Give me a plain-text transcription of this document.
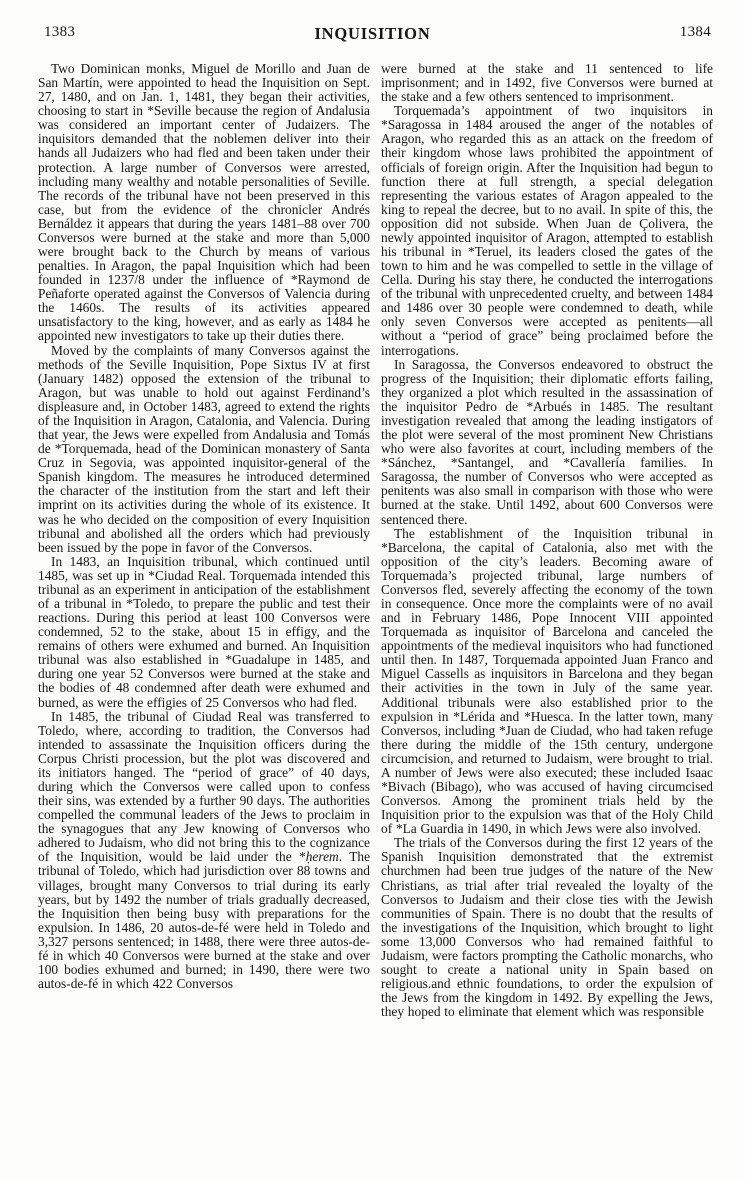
1383	1384
INQUISITION

Two Dominican monks, Miguel de Morillo and Juan de San Martín, were appointed to head the Inquisition on Sept. 27, 1480, and on Jan. 1, 1481, they began their activities, choosing to start in *Seville because the region of Andalusia was considered an important center of Judaizers. The inquisitors demanded that the noblemen deliver into their hands all Judaizers who had fled and been taken under their protection. A large number of Conversos were arrested, including many wealthy and notable personalities of Seville. The records of the tribunal have not been preserved in this case, but from the evidence of the chronicler Andrés Bernáldez it appears that during the years 1481–88 over 700 Conversos were burned at the stake and more than 5,000 were brought back to the Church by means of various penalties. In Aragon, the papal Inquisition which had been founded in 1237/8 under the influence of *Raymond de Peñaforte operated against the Conversos of Valencia during the 1460s. The results of its activities appeared unsatisfactory to the king, however, and as early as 1484 he appointed new investigators to take up their duties there.

Moved by the complaints of many Conversos against the methods of the Seville Inquisition, Pope Sixtus IV at first (January 1482) opposed the extension of the tribunal to Aragon, but was unable to hold out against Ferdinand’s displeasure and, in October 1483, agreed to extend the rights of the Inquisition in Aragon, Catalonia, and Valencia. During that year, the Jews were expelled from Andalusia and Tomás de *Torquemada, head of the Dominican monastery of Santa Cruz in Segovia, was appointed inquisitor-general of the Spanish kingdom. The measures he introduced determined the character of the institution from the start and left their imprint on its activities during the whole of its existence. It was he who decided on the composition of every Inquisition tribunal and abolished all the orders which had previously been issued by the pope in favor of the Conversos.

In 1483, an Inquisition tribunal, which continued until 1485, was set up in *Ciudad Real. Torquemada intended this tribunal as an experiment in anticipation of the establishment of a tribunal in *Toledo, to prepare the public and test their reactions. During this period at least 100 Conversos were condemned, 52 to the stake, about 15 in effigy, and the remains of others were exhumed and burned. An Inquisition tribunal was also established in *Guadalupe in 1485, and during one year 52 Conversos were burned at the stake and the bodies of 48 condemned after death were exhumed and burned, as were the effigies of 25 Conversos who had fled.

In 1485, the tribunal of Ciudad Real was transferred to Toledo, where, according to tradition, the Conversos had intended to assassinate the Inquisition officers during the Corpus Christi procession, but the plot was discovered and its initiators hanged. The “period of grace” of 40 days, during which the Conversos were called upon to confess their sins, was extended by a further 90 days. The authorities compelled the communal leaders of the Jews to proclaim in the synagogues that any Jew knowing of Conversos who adhered to Judaism, who did not bring this to the cognizance of the Inquisition, would be laid under the *ḥerem. The tribunal of Toledo, which had jurisdiction over 88 towns and villages, brought many Conversos to trial during its early years, but by 1492 the number of trials gradually decreased, the Inquisition then being busy with preparations for the expulsion. In 1486, 20 autos-de-fé were held in Toledo and 3,327 persons sentenced; in 1488, there were three autos-de-fé in which 40 Conversos were burned at the stake and over 100 bodies exhumed and burned; in 1490, there were two autos-de-fé in which 422 Conversos

were burned at the stake and 11 sentenced to life imprisonment; and in 1492, five Conversos were burned at the stake and a few others sentenced to imprisonment.

Torquemada’s appointment of two inquisitors in *Saragossa in 1484 aroused the anger of the notables of Aragon, who regarded this as an attack on the freedom of their kingdom whose laws prohibited the appointment of officials of foreign origin. After the Inquisition had begun to function there at full strength, a special delegation representing the various estates of Aragon appealed to the king to repeal the decree, but to no avail. In spite of this, the opposition did not subside. When Juan de Çolivera, the newly appointed inquisitor of Aragon, attempted to establish his tribunal in *Teruel, its leaders closed the gates of the town to him and he was compelled to settle in the village of Cella. During his stay there, he conducted the interrogations of the tribunal with unprecedented cruelty, and between 1484 and 1486 over 30 people were condemned to death, while only seven Conversos were accepted as penitents—all without a “period of grace” being proclaimed before the interrogations.

In Saragossa, the Conversos endeavored to obstruct the progress of the Inquisition; their diplomatic efforts failing, they organized a plot which resulted in the assassination of the inquisitor Pedro de *Arbués in 1485. The resultant investigation revealed that among the leading instigators of the plot were several of the most prominent New Christians who were also favorites at court, including members of the *Sánchez, *Santangel, and *Cavallería families. In Saragossa, the number of Conversos who were accepted as penitents was also small in comparison with those who were burned at the stake. Until 1492, about 600 Conversos were sentenced there.

The establishment of the Inquisition tribunal in *Barcelona, the capital of Catalonia, also met with the opposition of the city’s leaders. Becoming aware of Torquemada’s projected tribunal, large numbers of Conversos fled, severely affecting the economy of the town in consequence. Once more the complaints were of no avail and in February 1486, Pope Innocent VIII appointed Torquemada as inquisitor of Barcelona and canceled the appointments of the medieval inquisitors who had functioned until then. In 1487, Torquemada appointed Juan Franco and Miguel Cassells as inquisitors in Barcelona and they began their activities in the town in July of the same year. Additional tribunals were also established prior to the expulsion in *Lérida and *Huesca. In the latter town, many Conversos, including *Juan de Ciudad, who had taken refuge there during the middle of the 15th century, undergone circumcision, and returned to Judaism, were brought to trial. A number of Jews were also executed; these included Isaac *Bivach (Bibago), who was accused of having circumcised Conversos. Among the prominent trials held by the Inquisition prior to the expulsion was that of the Holy Child of *La Guardia in 1490, in which Jews were also involved.

The trials of the Conversos during the first 12 years of the Spanish Inquisition demonstrated that the extremist churchmen had been true judges of the nature of the New Christians, as trial after trial revealed the loyalty of the Conversos to Judaism and their close ties with the Jewish communities of Spain. There is no doubt that the results of the investigations of the Inquisition, which brought to light some 13,000 Conversos who had remained faithful to Judaism, were factors prompting the Catholic monarchs, who sought to create a national unity in Spain based on religious.and ethnic foundations, to order the expulsion of the Jews from the kingdom in 1492. By expelling the Jews, they hoped to eliminate that element which was responsible
